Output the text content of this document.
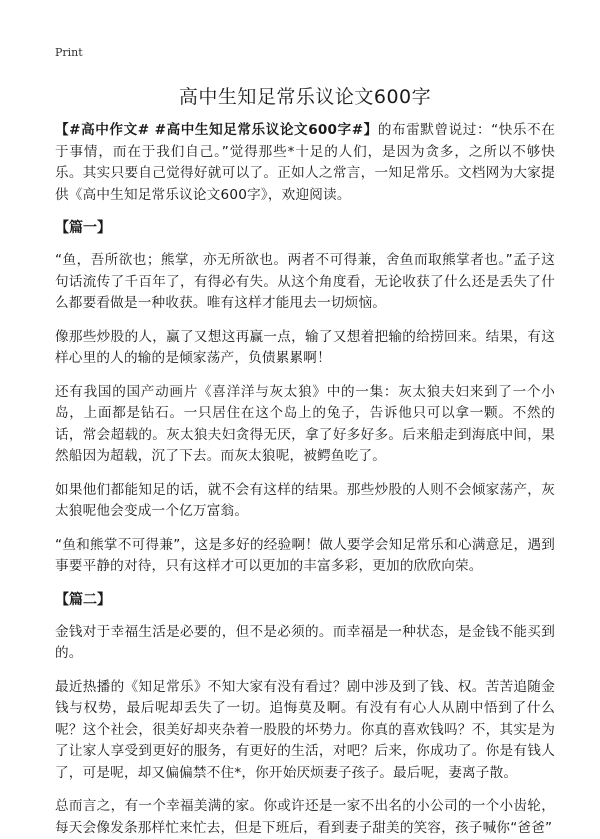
Print
高中生知足常乐议论文600字

【#高中作文# #高中生知足常乐议论文600字#】的布雷默曾说过：“快乐不在于事情，而在于我们自己。”觉得那些*十足的人们，是因为贪多，之所以不够快乐。其实只要自己觉得好就可以了。正如人之常言，一知足常乐。文档网为大家提供《高中生知足常乐议论文600字》，欢迎阅读。

【篇一】

“鱼，吾所欲也；熊掌，亦无所欲也。两者不可得兼，舍鱼而取熊掌者也。”孟子这句话流传了千百年了，有得必有失。从这个角度看，无论收获了什么还是丢失了什么都要看做是一种收获。唯有这样才能甩去一切烦恼。

像那些炒股的人，赢了又想这再赢一点，输了又想着把输的给捞回来。结果，有这样心里的人的输的是倾家荡产，负债累累啊！

还有我国的国产动画片《喜洋洋与灰太狼》中的一集：灰太狼夫妇来到了一个小岛，上面都是钻石。一只居住在这个岛上的兔子，告诉他只可以拿一颗。不然的话，常会超载的。灰太狼夫妇贪得无厌，拿了好多好多。后来船走到海底中间，果然船因为超载，沉了下去。而灰太狼呢，被鳄鱼吃了。

如果他们都能知足的话，就不会有这样的结果。那些炒股的人则不会倾家荡产，灰太狼呢他会变成一个亿万富翁。

“鱼和熊掌不可得兼”，这是多好的经验啊！做人要学会知足常乐和心满意足，遇到事要平静的对待，只有这样才可以更加的丰富多彩，更加的欣欣向荣。

【篇二】

金钱对于幸福生活是必要的，但不是必须的。而幸福是一种状态，是金钱不能买到的。

最近热播的《知足常乐》不知大家有没有看过？剧中涉及到了钱、权。苦苦追随金钱与权势，最后呢却丢失了一切。追悔莫及啊。有没有有心人从剧中悟到了什么呢？这个社会，很美好却夹杂着一股股的坏势力。你真的喜欢钱吗？不，其实是为了让家人享受到更好的服务，有更好的生活，对吧？后来，你成功了。你是有钱人了，可是呢，却又偏偏禁不住*，你开始厌烦妻子孩子。最后呢，妻离子散。

总而言之，有一个幸福美满的家。你或许还是一家不出名的小公司的一个小齿轮，每天会像发条那样忙来忙去，但是下班后，看到妻子甜美的笑容，孩子喊你“爸爸”
